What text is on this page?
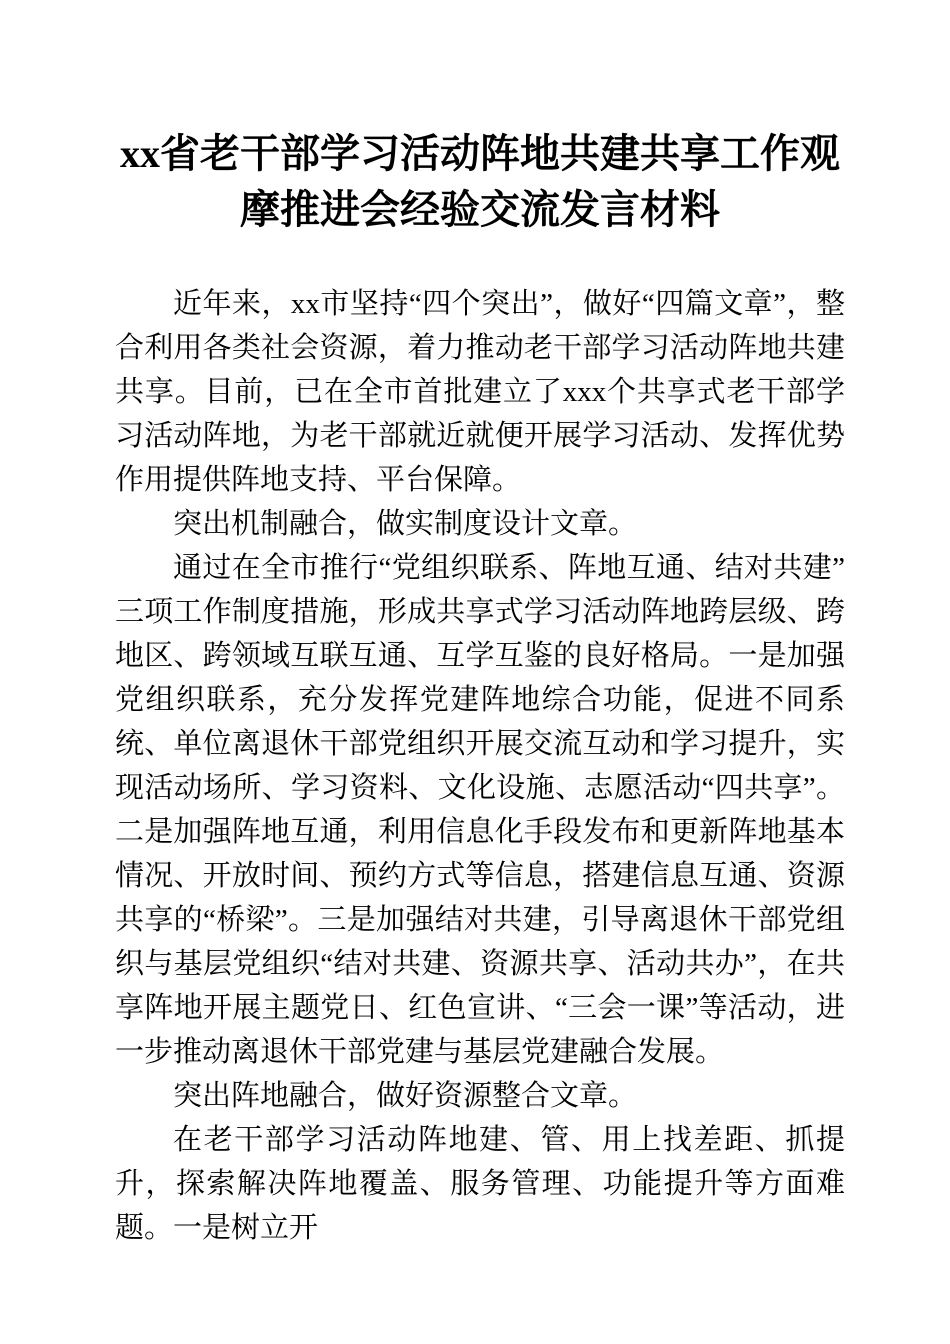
xx省老干部学习活动阵地共建共享工作观摩推进会经验交流发言材料

近年来，xx市坚持“四个突出”，做好“四篇文章”，整合利用各类社会资源，着力推动老干部学习活动阵地共建共享。目前，已在全市首批建立了xxx个共享式老干部学习活动阵地，为老干部就近就便开展学习活动、发挥优势作用提供阵地支持、平台保障。

突出机制融合，做实制度设计文章。

通过在全市推行“党组织联系、阵地互通、结对共建”三项工作制度措施，形成共享式学习活动阵地跨层级、跨地区、跨领域互联互通、互学互鉴的良好格局。一是加强党组织联系，充分发挥党建阵地综合功能，促进不同系统、单位离退休干部党组织开展交流互动和学习提升，实现活动场所、学习资料、文化设施、志愿活动“四共享”。二是加强阵地互通，利用信息化手段发布和更新阵地基本情况、开放时间、预约方式等信息，搭建信息互通、资源共享的“桥梁”。三是加强结对共建，引导离退休干部党组织与基层党组织“结对共建、资源共享、活动共办”，在共享阵地开展主题党日、红色宣讲、“三会一课”等活动，进一步推动离退休干部党建与基层党建融合发展。

突出阵地融合，做好资源整合文章。

在老干部学习活动阵地建、管、用上找差距、抓提升，探索解决阵地覆盖、服务管理、功能提升等方面难题。一是树立开
